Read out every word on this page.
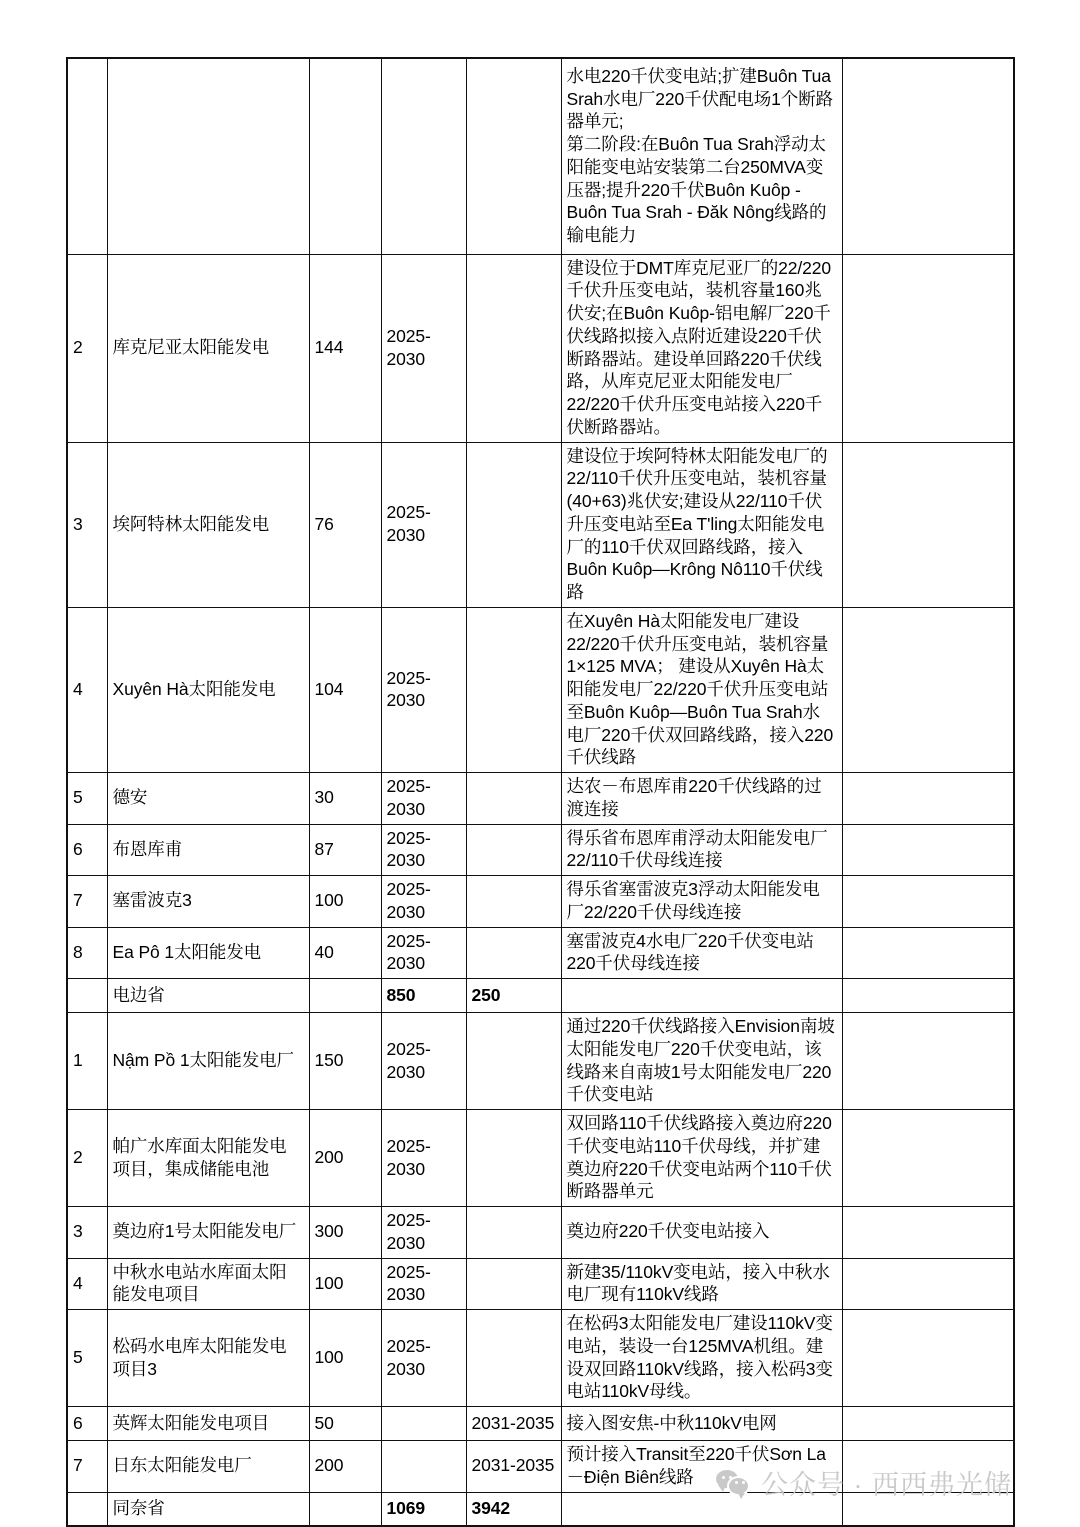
					水电220千伏变电站;扩建Buôn Tua Srah水电厂220千伏配电场1个断路器单元;
第二阶段:在Buôn Tua Srah浮动太阳能变电站安装第二台250MVA变压器;提升220千伏Buôn Kuôp - Buôn Tua Srah - Đăk Nông线路的输电能力	
2	库克尼亚太阳能发电	144	2025-2030		建设位于DMT库克尼亚厂的22/220千伏升压变电站，装机容量160兆伏安;在Buôn Kuôp-铝电解厂220千伏线路拟接入点附近建设220千伏断路器站。建设单回路220千伏线路，从库克尼亚太阳能发电厂22/220千伏升压变电站接入220千伏断路器站。	
3	埃阿特林太阳能发电	76	2025-2030		建设位于埃阿特林太阳能发电厂的22/110千伏升压变电站，装机容量(40+63)兆伏安;建设从22/110千伏升压变电站至Ea T'ling太阳能发电厂的110千伏双回路线路，接入Buôn Kuôp—Krông Nô110千伏线路	
4	Xuyên Hà太阳能发电	104	2025-2030		在Xuyên Hà太阳能发电厂建设22/220千伏升压变电站，装机容量1×125 MVA； 建设从Xuyên Hà太阳能发电厂22/220千伏升压变电站至Buôn Kuôp—Buôn Tua Srah水电厂220千伏双回路线路，接入220千伏线路	
5	德安	30	2025-2030		达农－布恩库甫220千伏线路的过渡连接	
6	布恩库甫	87	2025-2030		得乐省布恩库甫浮动太阳能发电厂22/110千伏母线连接	
7	塞雷波克3	100	2025-2030		得乐省塞雷波克3浮动太阳能发电厂22/220千伏母线连接	
8	Ea Pô 1太阳能发电	40	2025-2030		塞雷波克4水电厂220千伏变电站220千伏母线连接	
	电边省		850	250		
1	Nậm Pồ 1太阳能发电厂	150	2025-2030		通过220千伏线路接入Envision南坡太阳能发电厂220千伏变电站，该线路来自南坡1号太阳能发电厂220千伏变电站	
2	帕广水库面太阳能发电项目，集成储能电池	200	2025-2030		双回路110千伏线路接入奠边府220千伏变电站110千伏母线，并扩建奠边府220千伏变电站两个110千伏断路器单元	
3	奠边府1号太阳能发电厂	300	2025-2030		奠边府220千伏变电站接入	
4	中秋水电站水库面太阳能发电项目	100	2025-2030		新建35/110kV变电站，接入中秋水电厂现有110kV线路	
5	松码水电库太阳能发电项目3	100	2025-2030		在松码3太阳能发电厂建设110kV变电站，装设一台125MVA机组。建设双回路110kV线路，接入松码3变电站110kV母线。	
6	英辉太阳能发电项目	50		2031-2035	接入图安焦-中秋110kV电网	
7	日东太阳能发电厂	200		2031-2035	预计接入Transit至220千伏Sơn La－Điện Biên线路	
	同奈省		1069	3942		
公众号 · 西西弗光储
